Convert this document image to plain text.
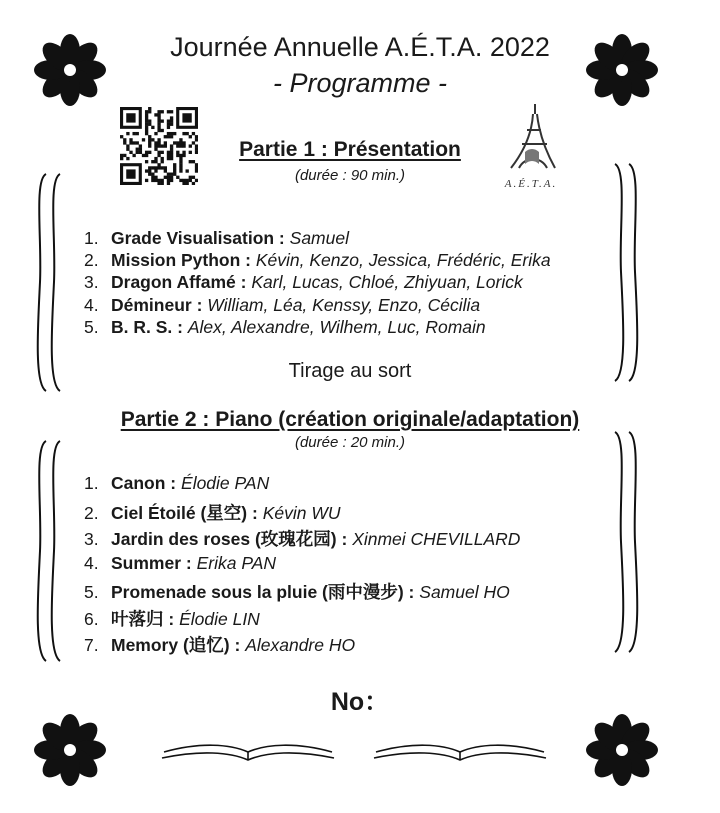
Journée Annuelle A.É.T.A. 2022
- Programme -
A.É.T.A.
Partie 1 : Présentation
(durée : 90 min.)
1. Grade Visualisation : Samuel
2. Mission Python : Kévin, Kenzo, Jessica, Frédéric, Erika
3. Dragon Affamé : Karl, Lucas, Chloé, Zhiyuan, Lorick
4. Démineur : William, Léa, Kenssy, Enzo, Cécilia
5. B. R. S. : Alex, Alexandre, Wilhem, Luc, Romain
Tirage au sort
Partie 2 : Piano (création originale/adaptation)
(durée : 20 min.)
1. Canon : Élodie PAN
2. Ciel Étoilé (星空) : Kévin WU
3. Jardin des roses (玫瑰花园) : Xinmei CHEVILLARD
4. Summer : Erika PAN
5. Promenade sous la pluie (雨中漫步) : Samuel HO
6. 叶落归 : Élodie LIN
7. Memory (追忆) : Alexandre HO
No：
